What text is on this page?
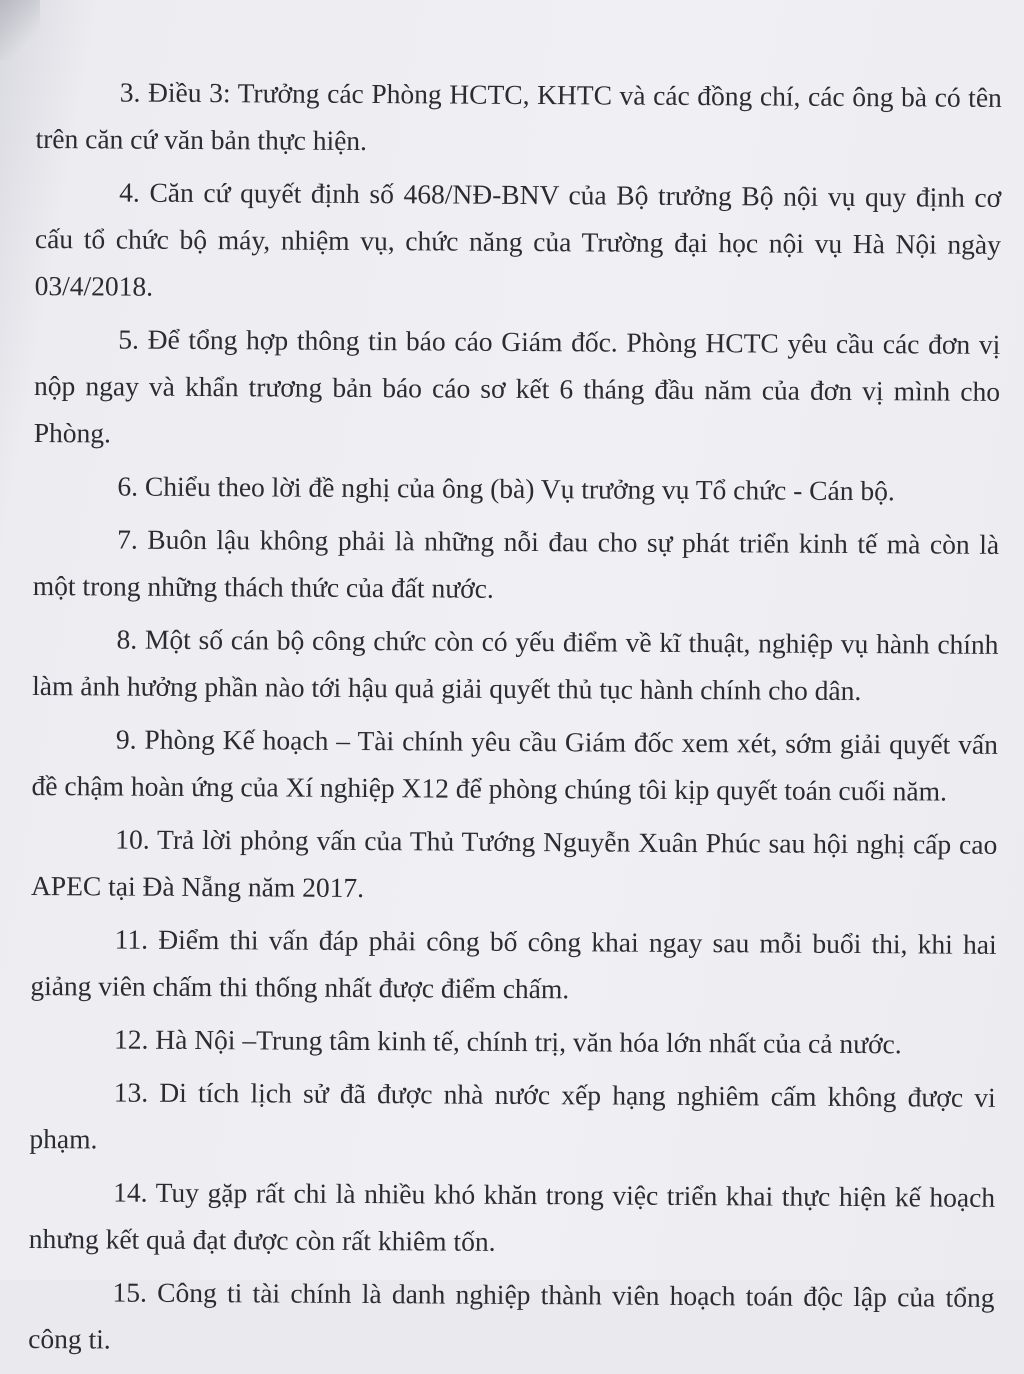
3. Điều 3: Trưởng các Phòng HCTC, KHTC và các đồng chí, các ông bà có tên trên căn cứ văn bản thực hiện.

4. Căn cứ quyết định số 468/NĐ-BNV của Bộ trưởng Bộ nội vụ quy định cơ cấu tổ chức bộ máy, nhiệm vụ, chức năng của Trường đại học nội vụ Hà Nội ngày 03/4/2018.

5. Để tổng hợp thông tin báo cáo Giám đốc. Phòng HCTC yêu cầu các đơn vị nộp ngay và khẩn trương bản báo cáo sơ kết 6 tháng đầu năm của đơn vị mình cho Phòng.

6. Chiểu theo lời đề nghị của ông (bà) Vụ trưởng vụ Tổ chức - Cán bộ.

7. Buôn lậu không phải là những nỗi đau cho sự phát triển kinh tế mà còn là một trong những thách thức của đất nước.

8. Một số cán bộ công chức còn có yếu điểm về kĩ thuật, nghiệp vụ hành chính làm ảnh hưởng phần nào tới hậu quả giải quyết thủ tục hành chính cho dân.

9. Phòng Kế hoạch – Tài chính yêu cầu Giám đốc xem xét, sớm giải quyết vấn đề chậm hoàn ứng của Xí nghiệp X12 để phòng chúng tôi kịp quyết toán cuối năm.

10. Trả lời phỏng vấn của Thủ Tướng Nguyễn Xuân Phúc sau hội nghị cấp cao APEC tại Đà Nẵng năm 2017.

11. Điểm thi vấn đáp phải công bố công khai ngay sau mỗi buổi thi, khi hai giảng viên chấm thi thống nhất được điểm chấm.

12. Hà Nội –Trung tâm kinh tế, chính trị, văn hóa lớn nhất của cả nước.

13. Di tích lịch sử đã được nhà nước xếp hạng nghiêm cấm không được vi phạm.

14. Tuy gặp rất chi là nhiều khó khăn trong việc triển khai thực hiện kế hoạch nhưng kết quả đạt được còn rất khiêm tốn.

15. Công ti tài chính là danh nghiệp thành viên hoạch toán độc lập của tổng công ti.
